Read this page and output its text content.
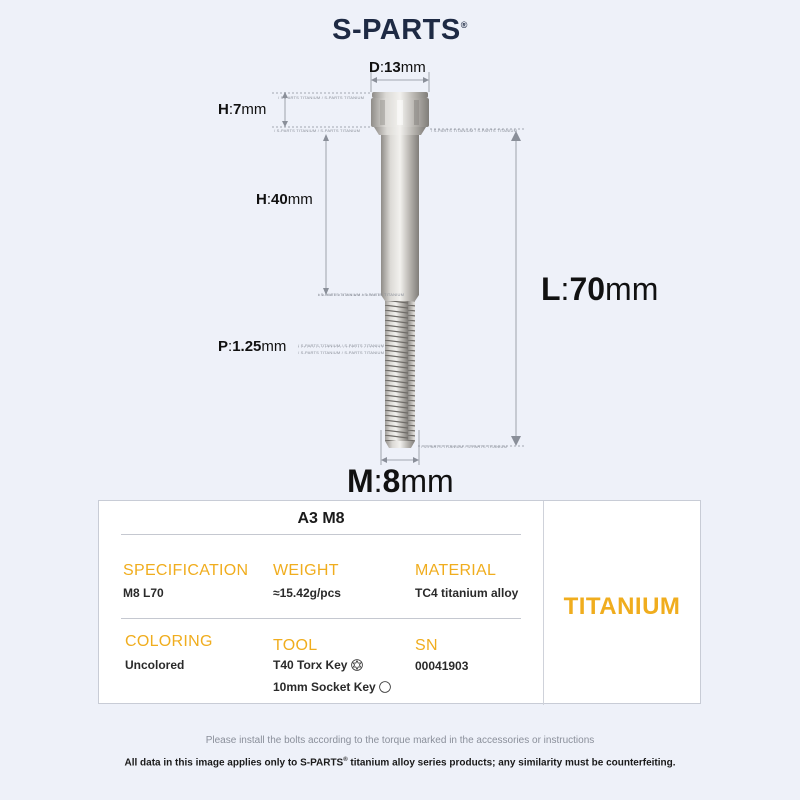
S-PARTS®
/ S-PARTS TITANIUM / S-PARTS TITANIUM
/ S-PARTS TITANIUM / S-PARTS TITANIUM	/ S-PARTS TITANIUM / S-PARTS TITANIUM
/ S-PARTS TITANIUM / S-PARTS TITANIUM
/ S-PARTS TITANIUM / S-PARTS TITANIUM
/ S-PARTS TITANIUM / S-PARTS TITANIUM
/ S-PARTS TITANIUM / S-PARTS TITANIUM
D:13mm
H:7mm
H:40mm
P:1.25mm
L:70mm
M:8mm
A3 M8
SPECIFICATION
M8 L70
WEIGHT
≈15.42g/pcs
MATERIAL
TC4 titanium alloy
COLORING
Uncolored
TOOL
T40 Torx Key
10mm Socket Key
SN
00041903
TITANIUM
Please install the bolts according to the torque marked in the accessories or instructions
All data in this image applies only to S-PARTS® titanium alloy series products; any similarity must be counterfeiting.
